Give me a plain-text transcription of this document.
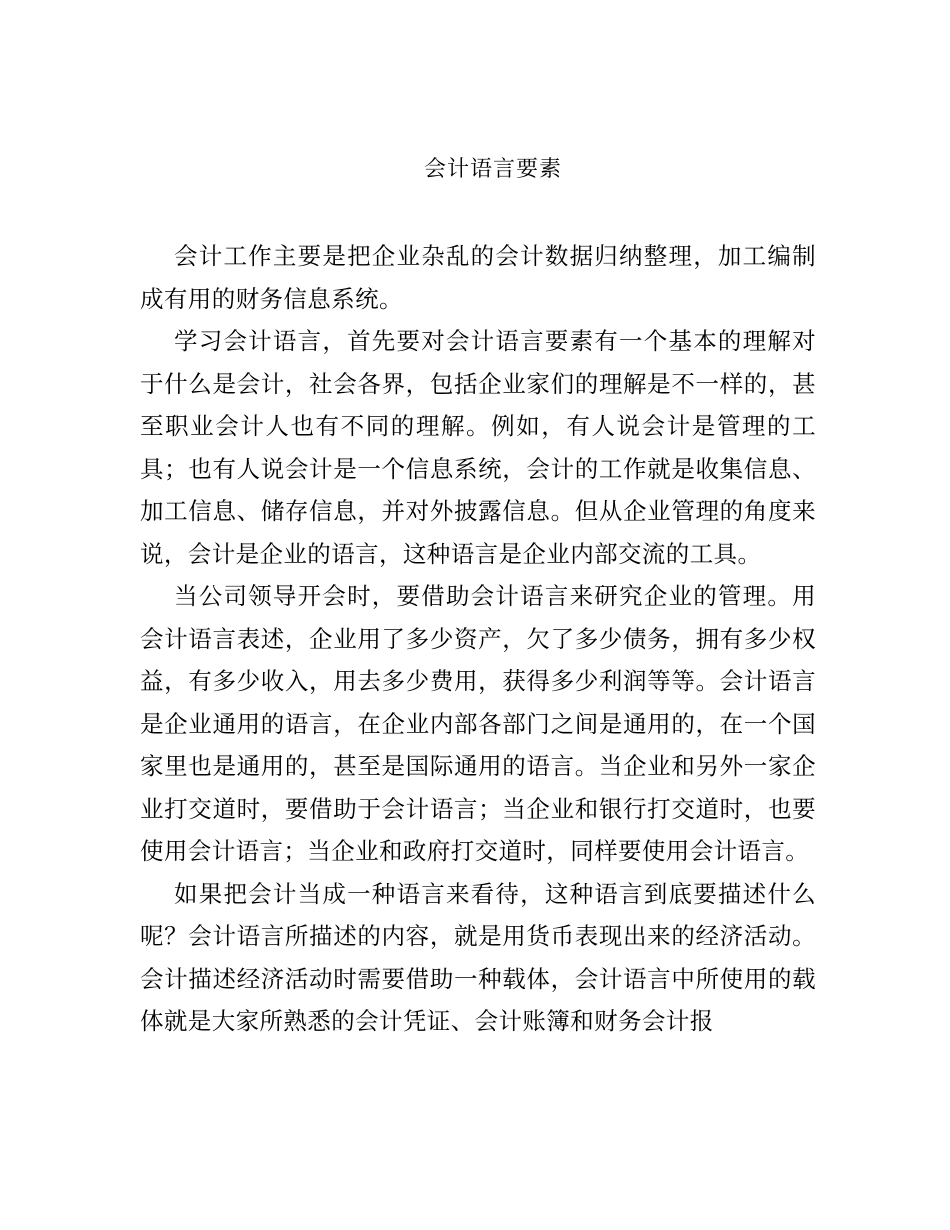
会计语言要素

会计工作主要是把企业杂乱的会计数据归纳整理，加工编制成有用的财务信息系统。

学习会计语言，首先要对会计语言要素有一个基本的理解对于什么是会计，社会各界，包括企业家们的理解是不一样的，甚至职业会计人也有不同的理解。例如，有人说会计是管理的工具；也有人说会计是一个信息系统，会计的工作就是收集信息、加工信息、储存信息，并对外披露信息。但从企业管理的角度来说，会计是企业的语言，这种语言是企业内部交流的工具。

当公司领导开会时，要借助会计语言来研究企业的管理。用会计语言表述，企业用了多少资产，欠了多少债务，拥有多少权益，有多少收入，用去多少费用，获得多少利润等等。会计语言是企业通用的语言，在企业内部各部门之间是通用的，在一个国家里也是通用的，甚至是国际通用的语言。当企业和另外一家企业打交道时，要借助于会计语言；当企业和银行打交道时，也要使用会计语言；当企业和政府打交道时，同样要使用会计语言。

如果把会计当成一种语言来看待，这种语言到底要描述什么呢？会计语言所描述的内容，就是用货币表现出来的经济活动。会计描述经济活动时需要借助一种载体，会计语言中所使用的载体就是大家所熟悉的会计凭证、会计账簿和财务会计报
